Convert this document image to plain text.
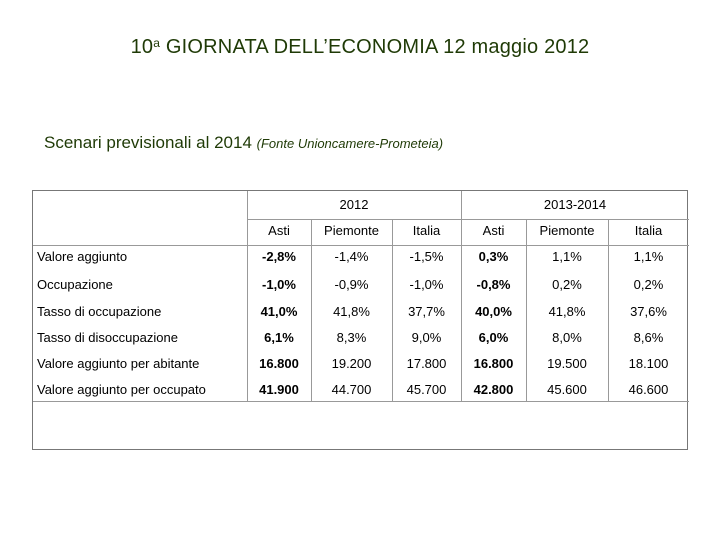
10$^a$ GIORNATA DELL’ECONOMIA 12 maggio 2012
Scenari previsionali al 2014 (Fonte Unioncamere-Prometeia)
2012	2013-2014
Asti	Piemonte	Italia	Asti	Piemonte	Italia
Valore aggiunto	-2,8%	-1,4%	-1,5%	0,3%	1,1%	1,1%
Occupazione	-1,0%	-0,9%	-1,0%	-0,8%	0,2%	0,2%
Tasso di occupazione	41,0%	41,8%	37,7%	40,0%	41,8%	37,6%
Tasso di disoccupazione	6,1%	8,3%	9,0%	6,0%	8,0%	8,6%
Valore aggiunto per abitante	16.800	19.200	17.800	16.800	19.500	18.100
Valore aggiunto per occupato	41.900	44.700	45.700	42.800	45.600	46.600
